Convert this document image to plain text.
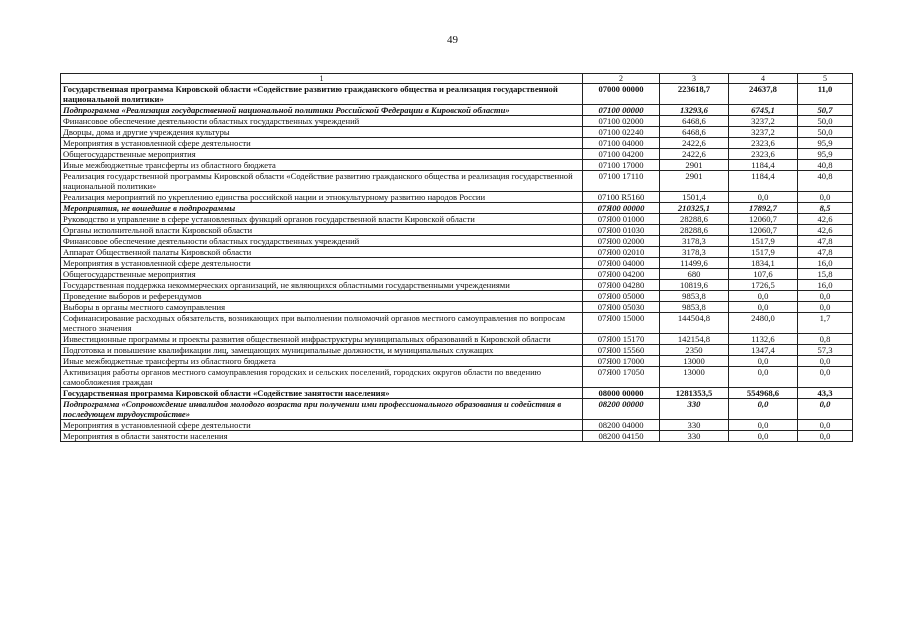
49
1	2	3	4	5
Государственная программа Кировской области «Содействие развитию гражданского общества и реализация государственной национальной политики»	07000 00000	223618,7	24637,8	11,0
Подпрограмма «Реализация государственной национальной политики Российской Федерации в Кировской области»	07100 00000	13293,6	6745,1	50,7
Финансовое обеспечение деятельности областных государственных учреждений	07100 02000	6468,6	3237,2	50,0
Дворцы, дома и другие учреждения культуры	07100 02240	6468,6	3237,2	50,0
Мероприятия в установленной сфере деятельности	07100 04000	2422,6	2323,6	95,9
Общегосударственные мероприятия	07100 04200	2422,6	2323,6	95,9
Иные межбюджетные трансферты из областного бюджета	07100 17000	2901	1184,4	40,8
Реализация государственной программы Кировской области «Содействие развитию гражданского общества и реализация государственной национальной политики»	07100 17110	2901	1184,4	40,8
Реализация мероприятий по укреплению единства российской нации и этнокультурному развитию народов России	07100 R5160	1501,4	0,0	0,0
Мероприятия, не вошедшие в подпрограммы	07Я00 00000	210325,1	17892,7	8,5
Руководство и управление в сфере установленных функций органов государственной власти Кировской области	07Я00 01000	28288,6	12060,7	42,6
Органы исполнительной власти Кировской области	07Я00 01030	28288,6	12060,7	42,6
Финансовое обеспечение деятельности областных государственных учреждений	07Я00 02000	3178,3	1517,9	47,8
Аппарат Общественной палаты Кировской области	07Я00 02010	3178,3	1517,9	47,8
Мероприятия в установленной сфере деятельности	07Я00 04000	11499,6	1834,1	16,0
Общегосударственные мероприятия	07Я00 04200	680	107,6	15,8
Государственная поддержка некоммерческих организаций, не являющихся областными государственными учреждениями	07Я00 04280	10819,6	1726,5	16,0
Проведение выборов и референдумов	07Я00 05000	9853,8	0,0	0,0
Выборы в органы местного самоуправления	07Я00 05030	9853,8	0,0	0,0
Софинансирование расходных обязательств, возникающих при выполнении полномочий органов местного самоуправления по вопросам местного значения	07Я00 15000	144504,8	2480,0	1,7
Инвестиционные программы и проекты развития общественной инфраструктуры муниципальных образований в Кировской области	07Я00 15170	142154,8	1132,6	0,8
Подготовка и повышение квалификации лиц, замещающих муниципальные должности, и муниципальных служащих	07Я00 15560	2350	1347,4	57,3
Иные межбюджетные трансферты из областного бюджета	07Я00 17000	13000	0,0	0,0
Активизация работы органов местного самоуправления городских и сельских поселений, городских округов области по введению самообложения граждан	07Я00 17050	13000	0,0	0,0
Государственная программа Кировской области «Содействие занятости населения»	08000 00000	1281353,5	554968,6	43,3
Подпрограмма «Сопровождение инвалидов молодого возраста при получении ими профессионального образования и содействия в последующем трудоустройстве»	08200 00000	330	0,0	0,0
Мероприятия в установленной сфере деятельности	08200 04000	330	0,0	0,0
Мероприятия в области занятости населения	08200 04150	330	0,0	0,0
